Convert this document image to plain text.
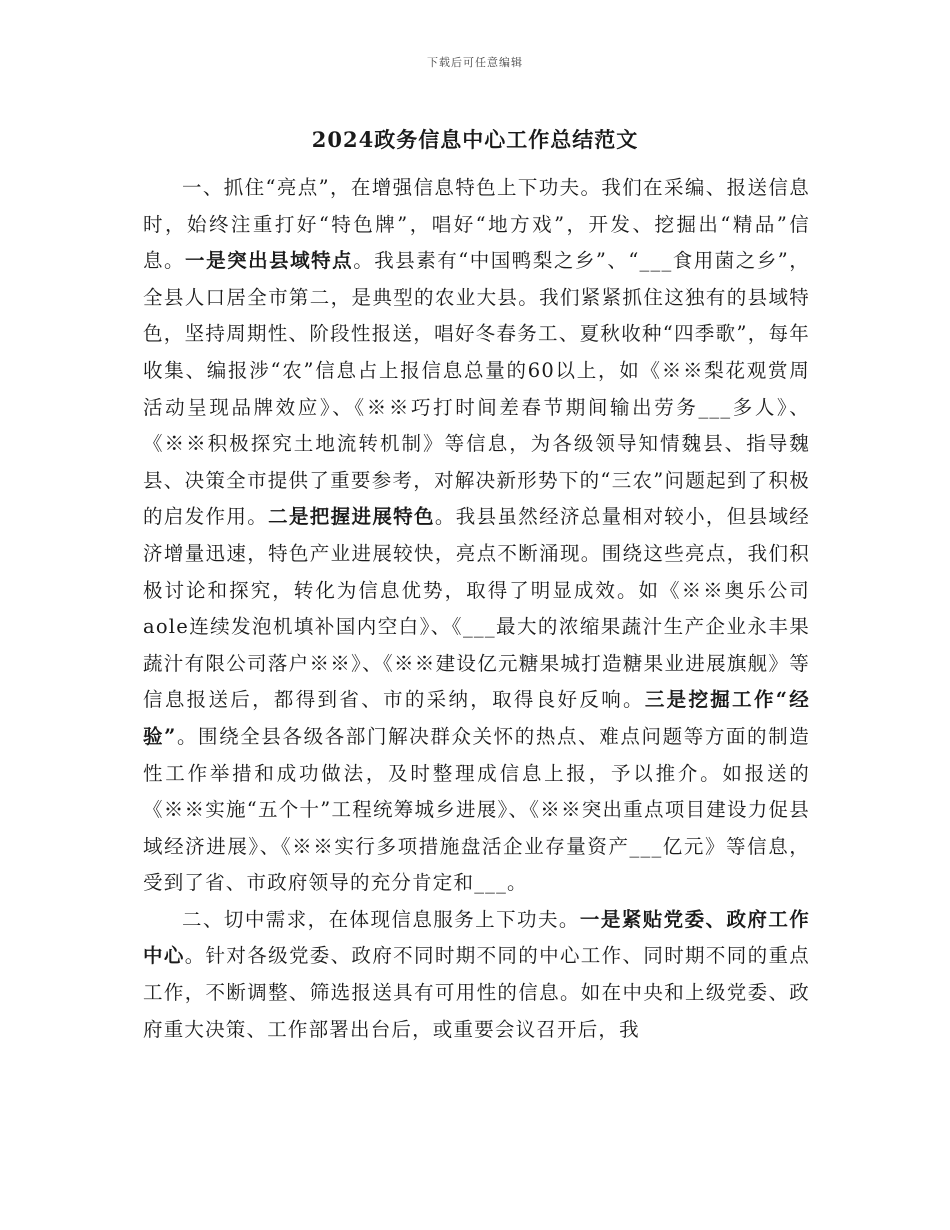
下载后可任意编辑
2024政务信息中心工作总结范文

一、抓住“亮点”，在增强信息特色上下功夫。我们在采编、报送信息时，始终注重打好“特色牌”，唱好“地方戏”，开发、挖掘出“精品”信息。一是突出县域特点。我县素有“中国鸭梨之乡”、“___食用菌之乡”，全县人口居全市第二，是典型的农业大县。我们紧紧抓住这独有的县域特色，坚持周期性、阶段性报送，唱好冬春务工、夏秋收种“四季歌”，每年收集、编报涉“农”信息占上报信息总量的60以上，如《※※梨花观赏周活动呈现品牌效应》、《※※巧打时间差春节期间输出劳务___多人》、《※※积极探究土地流转机制》等信息，为各级领导知情魏县、指导魏县、决策全市提供了重要参考，对解决新形势下的“三农”问题起到了积极的启发作用。二是把握进展特色。我县虽然经济总量相对较小，但县域经济增量迅速，特色产业进展较快，亮点不断涌现。围绕这些亮点，我们积极讨论和探究，转化为信息优势，取得了明显成效。如《※※奥乐公司aole连续发泡机填补国内空白》、《___最大的浓缩果蔬汁生产企业永丰果蔬汁有限公司落户※※》、《※※建设亿元糖果城打造糖果业进展旗舰》等信息报送后，都得到省、市的采纳，取得良好反响。三是挖掘工作“经验”。围绕全县各级各部门解决群众关怀的热点、难点问题等方面的制造性工作举措和成功做法，及时整理成信息上报，予以推介。如报送的《※※实施“五个十”工程统筹城乡进展》、《※※突出重点项目建设力促县域经济进展》、《※※实行多项措施盘活企业存量资产___亿元》等信息，受到了省、市政府领导的充分肯定和___。

二、切中需求，在体现信息服务上下功夫。一是紧贴党委、政府工作中心。针对各级党委、政府不同时期不同的中心工作、同时期不同的重点工作，不断调整、筛选报送具有可用性的信息。如在中央和上级党委、政府重大决策、工作部署出台后，或重要会议召开后，我
